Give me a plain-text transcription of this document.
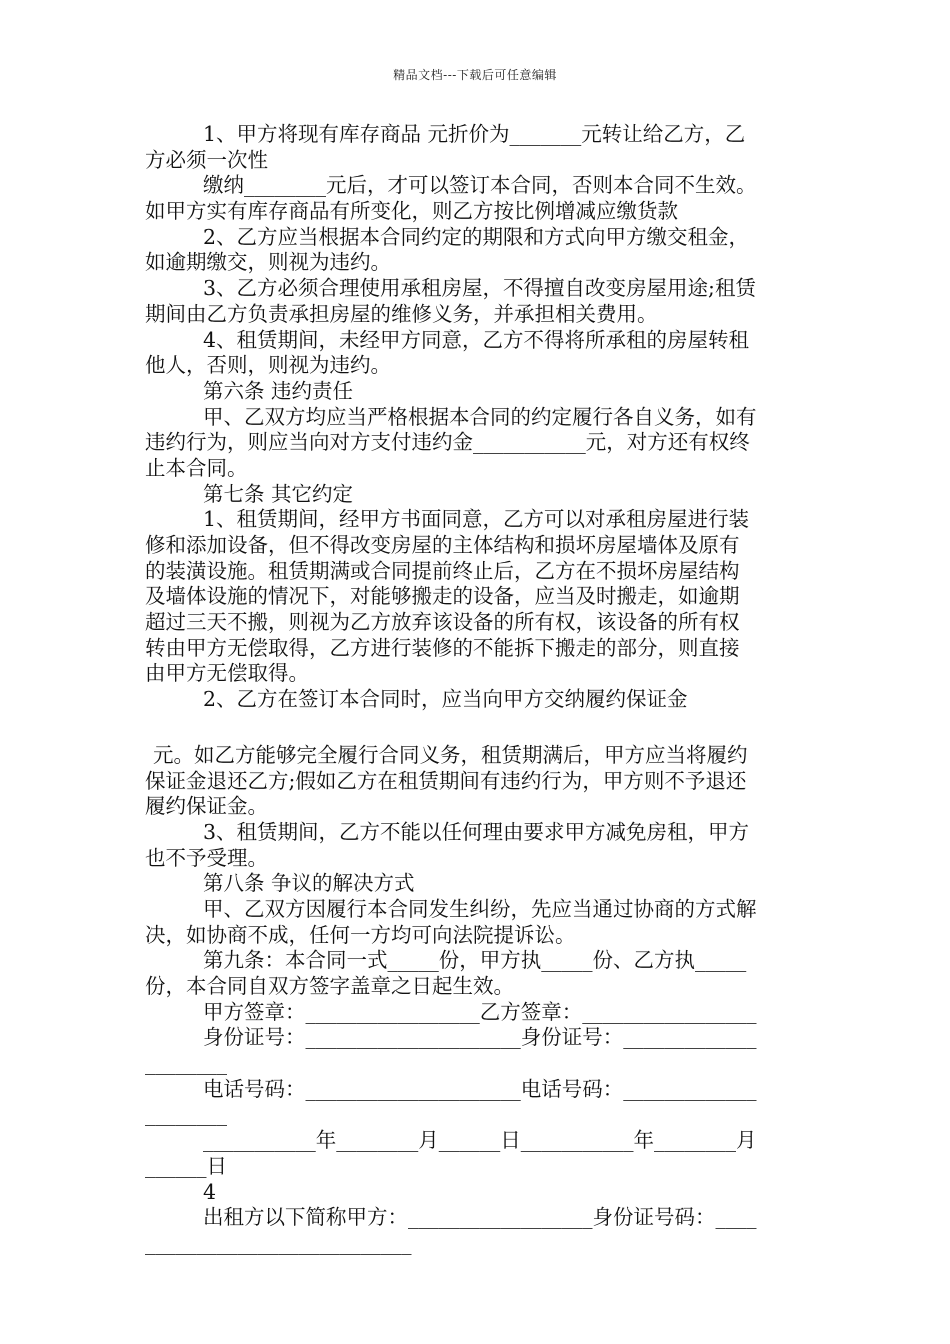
精品文档---下载后可任意编辑
1、甲方将现有库存商品 元折价为_______元转让给乙方，乙
方必须一次性
缴纳________元后，才可以签订本合同，否则本合同不生效。
如甲方实有库存商品有所变化，则乙方按比例增减应缴货款
2、乙方应当根据本合同约定的期限和方式向甲方缴交租金，
如逾期缴交，则视为违约。
3、乙方必须合理使用承租房屋，不得擅自改变房屋用途;租赁
期间由乙方负责承担房屋的维修义务，并承担相关费用。
4、租赁期间，未经甲方同意，乙方不得将所承租的房屋转租
他人，否则，则视为违约。
第六条 违约责任
甲、乙双方均应当严格根据本合同的约定履行各自义务，如有
违约行为，则应当向对方支付违约金___________元，对方还有权终
止本合同。
第七条 其它约定
1、租赁期间，经甲方书面同意，乙方可以对承租房屋进行装
修和添加设备，但不得改变房屋的主体结构和损坏房屋墙体及原有
的装潢设施。租赁期满或合同提前终止后，乙方在不损坏房屋结构
及墙体设施的情况下，对能够搬走的设备，应当及时搬走，如逾期
超过三天不搬，则视为乙方放弃该设备的所有权，该设备的所有权
转由甲方无偿取得，乙方进行装修的不能拆下搬走的部分，则直接
由甲方无偿取得。
2、乙方在签订本合同时，应当向甲方交纳履约保证金
元。如乙方能够完全履行合同义务，租赁期满后，甲方应当将履约
保证金退还乙方;假如乙方在租赁期间有违约行为，甲方则不予退还
履约保证金。
3、租赁期间，乙方不能以任何理由要求甲方减免房租，甲方
也不予受理。
第八条 争议的解决方式
甲、乙双方因履行本合同发生纠纷，先应当通过协商的方式解
决，如协商不成，任何一方均可向法院提诉讼。
第九条：本合同一式_____份，甲方执_____份、乙方执_____
份，本合同自双方签字盖章之日起生效。
甲方签章：_________________乙方签章：_________________
身份证号：_____________________身份证号：_____________
________
电话号码：_____________________电话号码：_____________
________
___________年________月______日___________年________月
______日
4
出租方以下简称甲方：__________________身份证号码：____
__________________________
